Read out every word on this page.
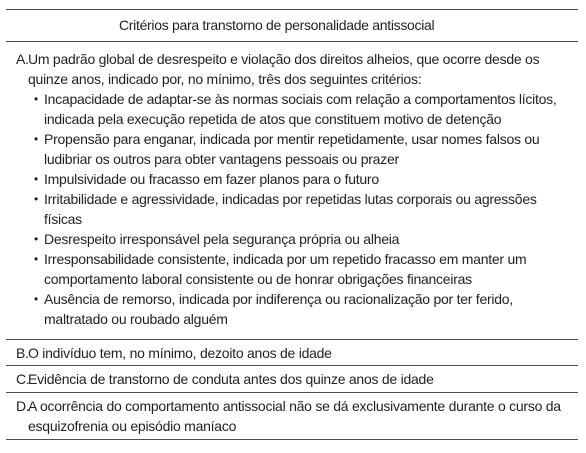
Critérios para transtorno de personalidade antissocial
A.Um padrão global de desrespeito e violação dos direitos alheios, que ocorre desde os quinze anos, indicado por, no mínimo, três dos seguintes critérios:
• Incapacidade de adaptar-se às normas sociais com relação a comportamentos lícitos, indicada pela execução repetida de atos que constituem motivo de detenção
• Propensão para enganar, indicada por mentir repetidamente, usar nomes falsos ou ludibriar os outros para obter vantagens pessoais ou prazer
• Impulsividade ou fracasso em fazer planos para o futuro
• Irritabilidade e agressividade, indicadas por repetidas lutas corporais ou agressões físicas
• Desrespeito irresponsável pela segurança própria ou alheia
• Irresponsabilidade consistente, indicada por um repetido fracasso em manter um comportamento laboral consistente ou de honrar obrigações financeiras
• Ausência de remorso, indicada por indiferença ou racionalização por ter ferido, maltratado ou roubado alguém
B.O indivíduo tem, no mínimo, dezoito anos de idade
C.Evidência de transtorno de conduta antes dos quinze anos de idade
D.A ocorrência do comportamento antissocial não se dá exclusivamente durante o curso da esquizofrenia ou episódio maníaco
